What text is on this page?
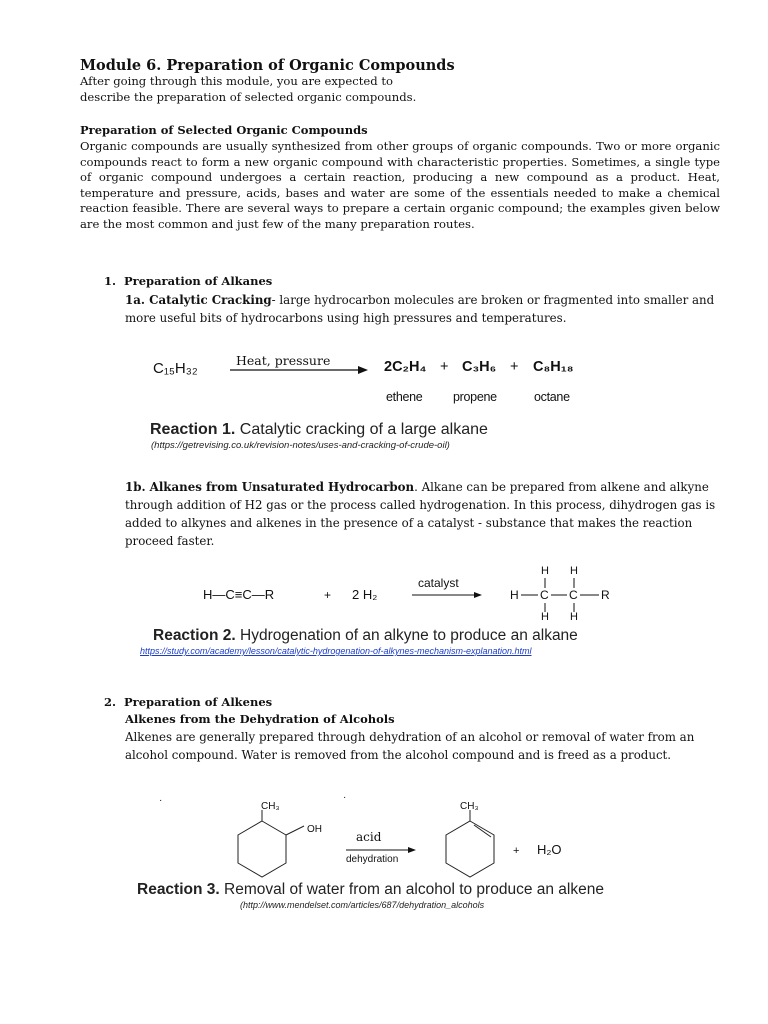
Module 6. Preparation of Organic Compounds
After going through this module, you are expected to
describe the preparation of selected organic compounds.
Preparation of Selected Organic Compounds
Organic compounds are usually synthesized from other groups of organic compounds. Two or more organic compounds react to form a new organic compound with characteristic properties. Sometimes, a single type of organic compound undergoes a certain reaction, producing a new compound as a product. Heat, temperature and pressure, acids, bases and water are some of the essentials needed to make a chemical reaction feasible. There are several ways to prepare a certain organic compound; the examples given below are the most common and just few of the many preparation routes.
1. Preparation of Alkanes
1a. Catalytic Cracking- large hydrocarbon molecules are broken or fragmented into smaller and more useful bits of hydrocarbons using high pressures and temperatures.
C₁₅H₃₂	Heat, pressure	2C₂H₄ + C₃H₆ + C₈H₁₈
ethene propene	octane
Reaction 1. Catalytic cracking of a large alkane
(https://getrevising.co.uk/revision-notes/uses-and-cracking-of-crude-oil)
1b. Alkanes from Unsaturated Hydrocarbon. Alkane can be prepared from alkene and alkyne through addition of H2 gas or the process called hydrogenation. In this process, dihydrogen gas is added to alkynes and alkenes in the presence of a catalyst - substance that makes the reaction proceed faster.
H—C≡C—R	+ 2 H₂
catalyst
H H
H C C R
H H
Reaction 2. Hydrogenation of an alkyne to produce an alkane
https://study.com/academy/lesson/catalytic-hydrogenation-of-alkynes-mechanism-explanation.html
2. Preparation of Alkenes
Alkenes from the Dehydration of Alcohols
Alkenes are generally prepared through dehydration of an alcohol or removal of water from an alcohol compound. Water is removed from the alcohol compound and is freed as a product.
·	·
CH₃
OH
acid
dehydration
CH₃
+ H₂O
Reaction 3. Removal of water from an alcohol to produce an alkene
(http://www.mendelset.com/articles/687/dehydration_alcohols
